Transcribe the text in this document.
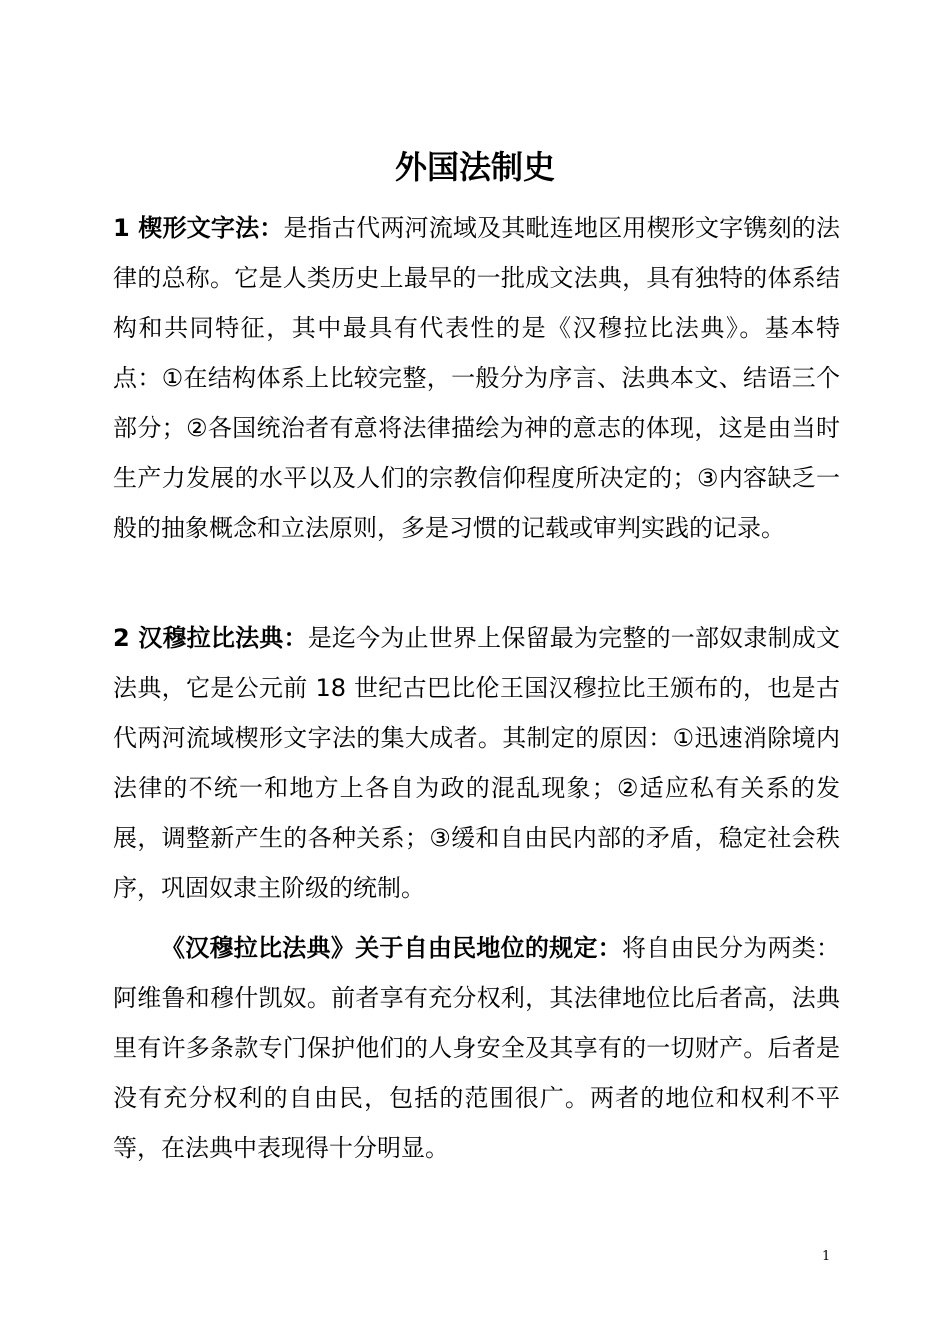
外国法制史

1 楔形文字法：是指古代两河流域及其毗连地区用楔形文字镌刻的法律的总称。它是人类历史上最早的一批成文法典，具有独特的体系结构和共同特征，其中最具有代表性的是《汉穆拉比法典》。基本特点：①在结构体系上比较完整，一般分为序言、法典本文、结语三个部分；②各国统治者有意将法律描绘为神的意志的体现，这是由当时生产力发展的水平以及人们的宗教信仰程度所决定的；③内容缺乏一般的抽象概念和立法原则，多是习惯的记载或审判实践的记录。

2 汉穆拉比法典：是迄今为止世界上保留最为完整的一部奴隶制成文法典，它是公元前 18 世纪古巴比伦王国汉穆拉比王颁布的，也是古代两河流域楔形文字法的集大成者。其制定的原因：①迅速消除境内法律的不统一和地方上各自为政的混乱现象；②适应私有关系的发展，调整新产生的各种关系；③缓和自由民内部的矛盾，稳定社会秩序，巩固奴隶主阶级的统制。

《汉穆拉比法典》关于自由民地位的规定：将自由民分为两类：阿维鲁和穆什凯奴。前者享有充分权利，其法律地位比后者高，法典里有许多条款专门保护他们的人身安全及其享有的一切财产。后者是没有充分权利的自由民，包括的范围很广。两者的地位和权利不平等，在法典中表现得十分明显。

1
